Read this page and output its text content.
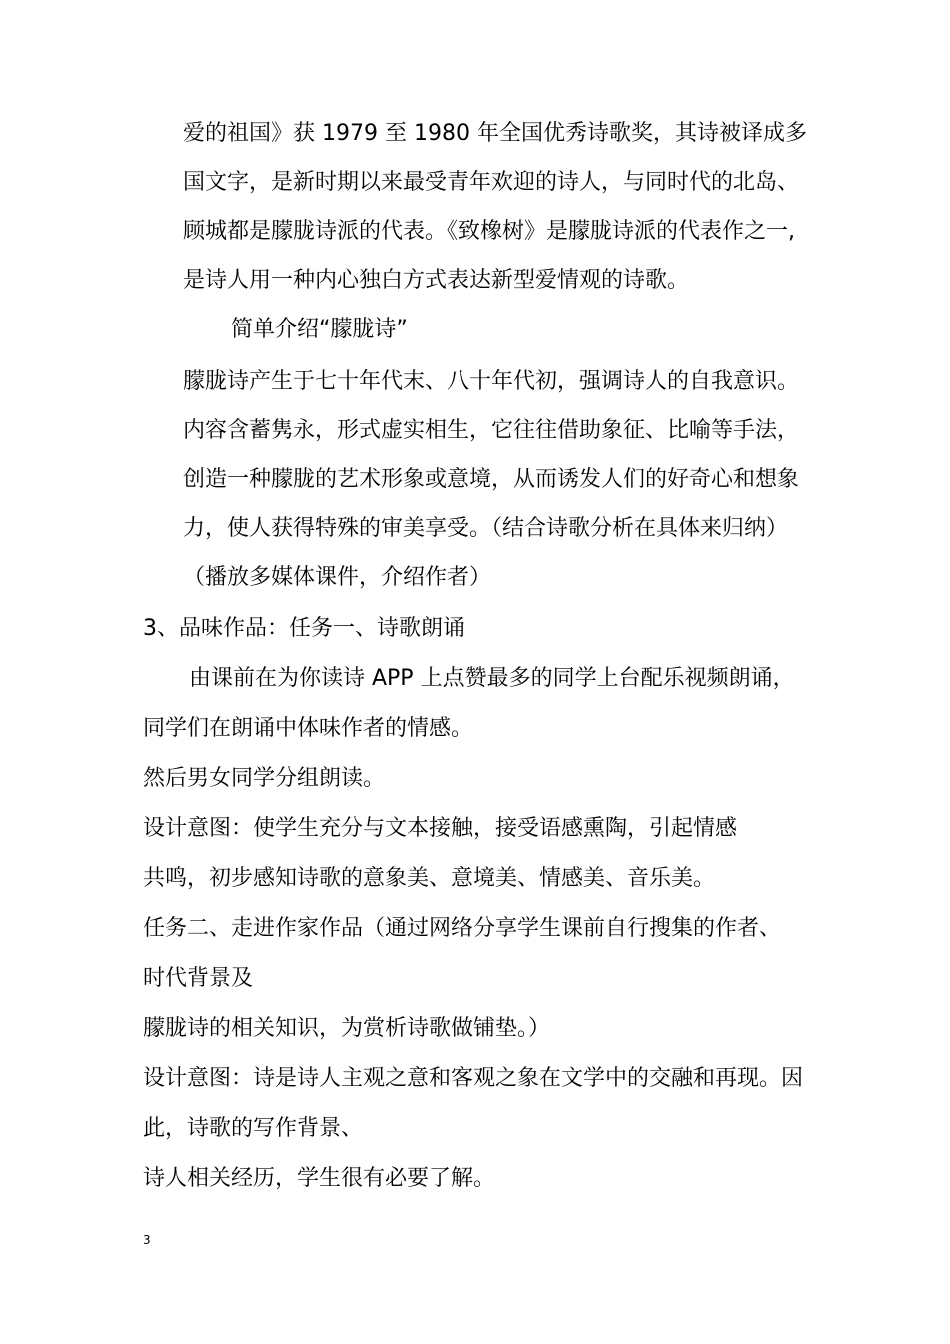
爱的祖国》获 1979 至 1980 年全国优秀诗歌奖，其诗被译成多
国文字，是新时期以来最受青年欢迎的诗人，与同时代的北岛、
顾城都是朦胧诗派的代表。《致橡树》是朦胧诗派的代表作之一,
是诗人用一种内心独白方式表达新型爱情观的诗歌。
简单介绍“朦胧诗”
朦胧诗产生于七十年代末、八十年代初，强调诗人的自我意识。
内容含蓄隽永，形式虚实相生，它往往借助象征、比喻等手法，
创造一种朦胧的艺术形象或意境，从而诱发人们的好奇心和想象
力，使人获得特殊的审美享受。（结合诗歌分析在具体来归纳）
（播放多媒体课件，介绍作者）
3、品味作品：任务一、诗歌朗诵
由课前在为你读诗 APP 上点赞最多的同学上台配乐视频朗诵，
同学们在朗诵中体味作者的情感。
然后男女同学分组朗读。
设计意图：使学生充分与文本接触，接受语感熏陶，引起情感
共鸣，初步感知诗歌的意象美、意境美、情感美、音乐美。
任务二、走进作家作品（通过网络分享学生课前自行搜集的作者、
时代背景及
朦胧诗的相关知识，为赏析诗歌做铺垫。）
设计意图：诗是诗人主观之意和客观之象在文学中的交融和再现。因
此，诗歌的写作背景、
诗人相关经历，学生很有必要了解。
3
